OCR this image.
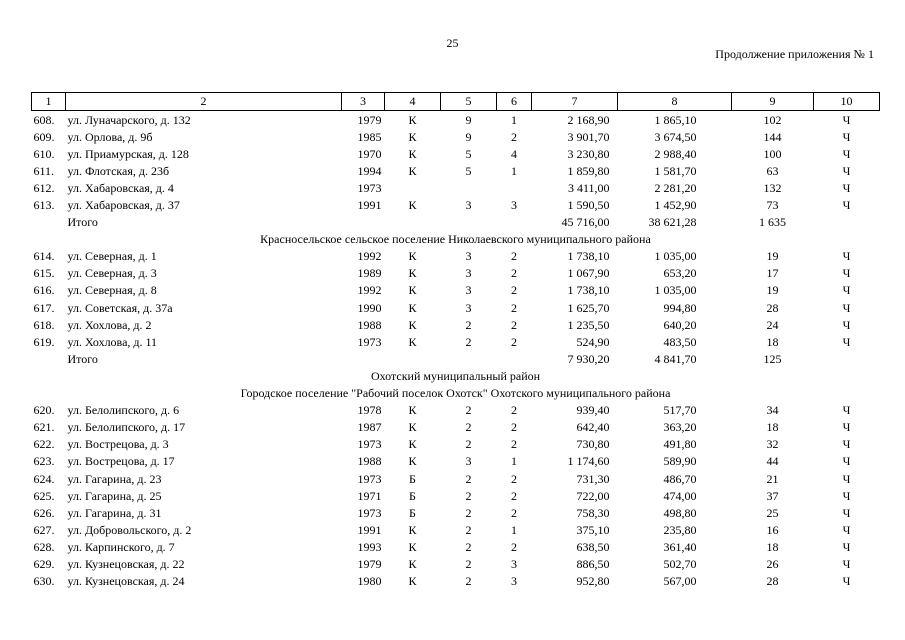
25
Продолжение приложения № 1
1	2	3	4	5	6	7	8	9	10
608.	ул. Луначарского, д. 132	1979	К	9	1	2 168,90	1 865,10	102	Ч
609.	ул. Орлова, д. 9б	1985	К	9	2	3 901,70	3 674,50	144	Ч
610.	ул. Приамурская, д. 128	1970	К	5	4	3 230,80	2 988,40	100	Ч
611.	ул. Флотская, д. 23б	1994	К	5	1	1 859,80	1 581,70	63	Ч
612.	ул. Хабаровская, д. 4	1973				3 411,00	2 281,20	132	Ч
613.	ул. Хабаровская, д. 37	1991	К	3	3	1 590,50	1 452,90	73	Ч
	Итого					45 716,00	38 621,28	1 635	
Красносельское сельское поселение Николаевского муниципального района									
614.	ул. Северная, д. 1	1992	К	3	2	1 738,10	1 035,00	19	Ч
615.	ул. Северная, д. 3	1989	К	3	2	1 067,90	653,20	17	Ч
616.	ул. Северная, д. 8	1992	К	3	2	1 738,10	1 035,00	19	Ч
617.	ул. Советская, д. 37а	1990	К	3	2	1 625,70	994,80	28	Ч
618.	ул. Хохлова, д. 2	1988	К	2	2	1 235,50	640,20	24	Ч
619.	ул. Хохлова, д. 11	1973	К	2	2	524,90	483,50	18	Ч
	Итого					7 930,20	4 841,70	125	
Охотский муниципальный район									
Городское поселение "Рабочий поселок Охотск" Охотского муниципального района									
620.	ул. Белолипского, д. 6	1978	К	2	2	939,40	517,70	34	Ч
621.	ул. Белолипского, д. 17	1987	К	2	2	642,40	363,20	18	Ч
622.	ул. Вострецова, д. 3	1973	К	2	2	730,80	491,80	32	Ч
623.	ул. Вострецова, д. 17	1988	К	3	1	1 174,60	589,90	44	Ч
624.	ул. Гагарина, д. 23	1973	Б	2	2	731,30	486,70	21	Ч
625.	ул. Гагарина, д. 25	1971	Б	2	2	722,00	474,00	37	Ч
626.	ул. Гагарина, д. 31	1973	Б	2	2	758,30	498,80	25	Ч
627.	ул. Добровольского, д. 2	1991	К	2	1	375,10	235,80	16	Ч
628.	ул. Карпинского, д. 7	1993	К	2	2	638,50	361,40	18	Ч
629.	ул. Кузнецовская, д. 22	1979	К	2	3	886,50	502,70	26	Ч
630.	ул. Кузнецовская, д. 24	1980	К	2	3	952,80	567,00	28	Ч
